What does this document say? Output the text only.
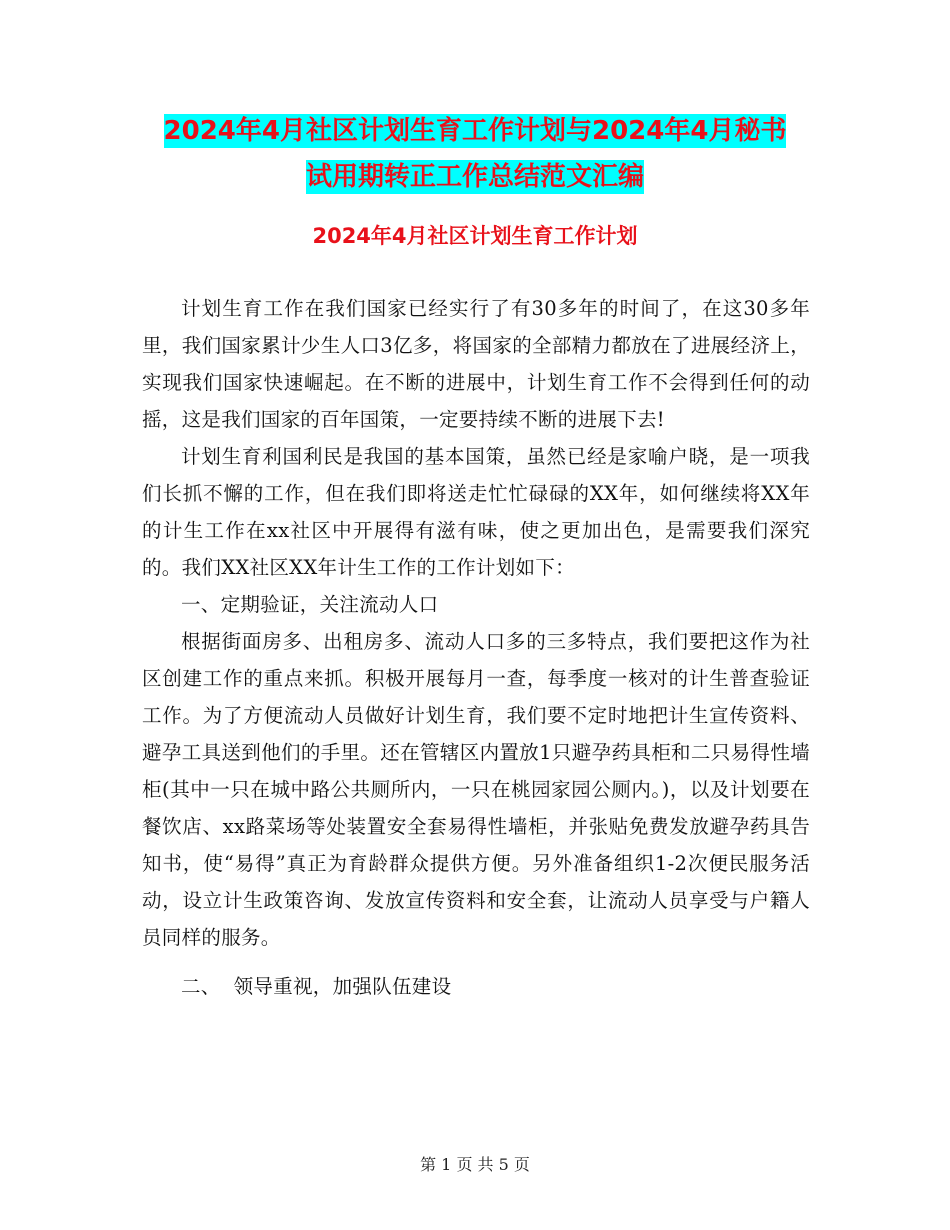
2024年4月社区计划生育工作计划与2024年4月秘书
试用期转正工作总结范文汇编
2024年4月社区计划生育工作计划

计划生育工作在我们国家已经实行了有30多年的时间了，在这30多年里，我们国家累计少生人口3亿多，将国家的全部精力都放在了进展经济上，实现我们国家快速崛起。在不断的进展中，计划生育工作不会得到任何的动摇，这是我们国家的百年国策，一定要持续不断的进展下去!

计划生育利国利民是我国的基本国策，虽然已经是家喻户晓，是一项我们长抓不懈的工作，但在我们即将送走忙忙碌碌的XX年，如何继续将XX年的计生工作在xx社区中开展得有滋有味，使之更加出色，是需要我们深究的。我们XX社区XX年计生工作的工作计划如下：

一、定期验证，关注流动人口

根据街面房多、出租房多、流动人口多的三多特点，我们要把这作为社区创建工作的重点来抓。积极开展每月一查，每季度一核对的计生普查验证工作。为了方便流动人员做好计划生育，我们要不定时地把计生宣传资料、避孕工具送到他们的手里。还在管辖区内置放1只避孕药具柜和二只易得性墙柜(其中一只在城中路公共厕所内，一只在桃园家园公厕内。)，以及计划要在餐饮店、xx路菜场等处装置安全套易得性墙柜，并张贴免费发放避孕药具告知书，使“易得”真正为育龄群众提供方便。另外准备组织1-2次便民服务活动，设立计生政策咨询、发放宣传资料和安全套，让流动人员享受与户籍人员同样的服务。

二、  领导重视，加强队伍建设

第 1 页 共 5 页
